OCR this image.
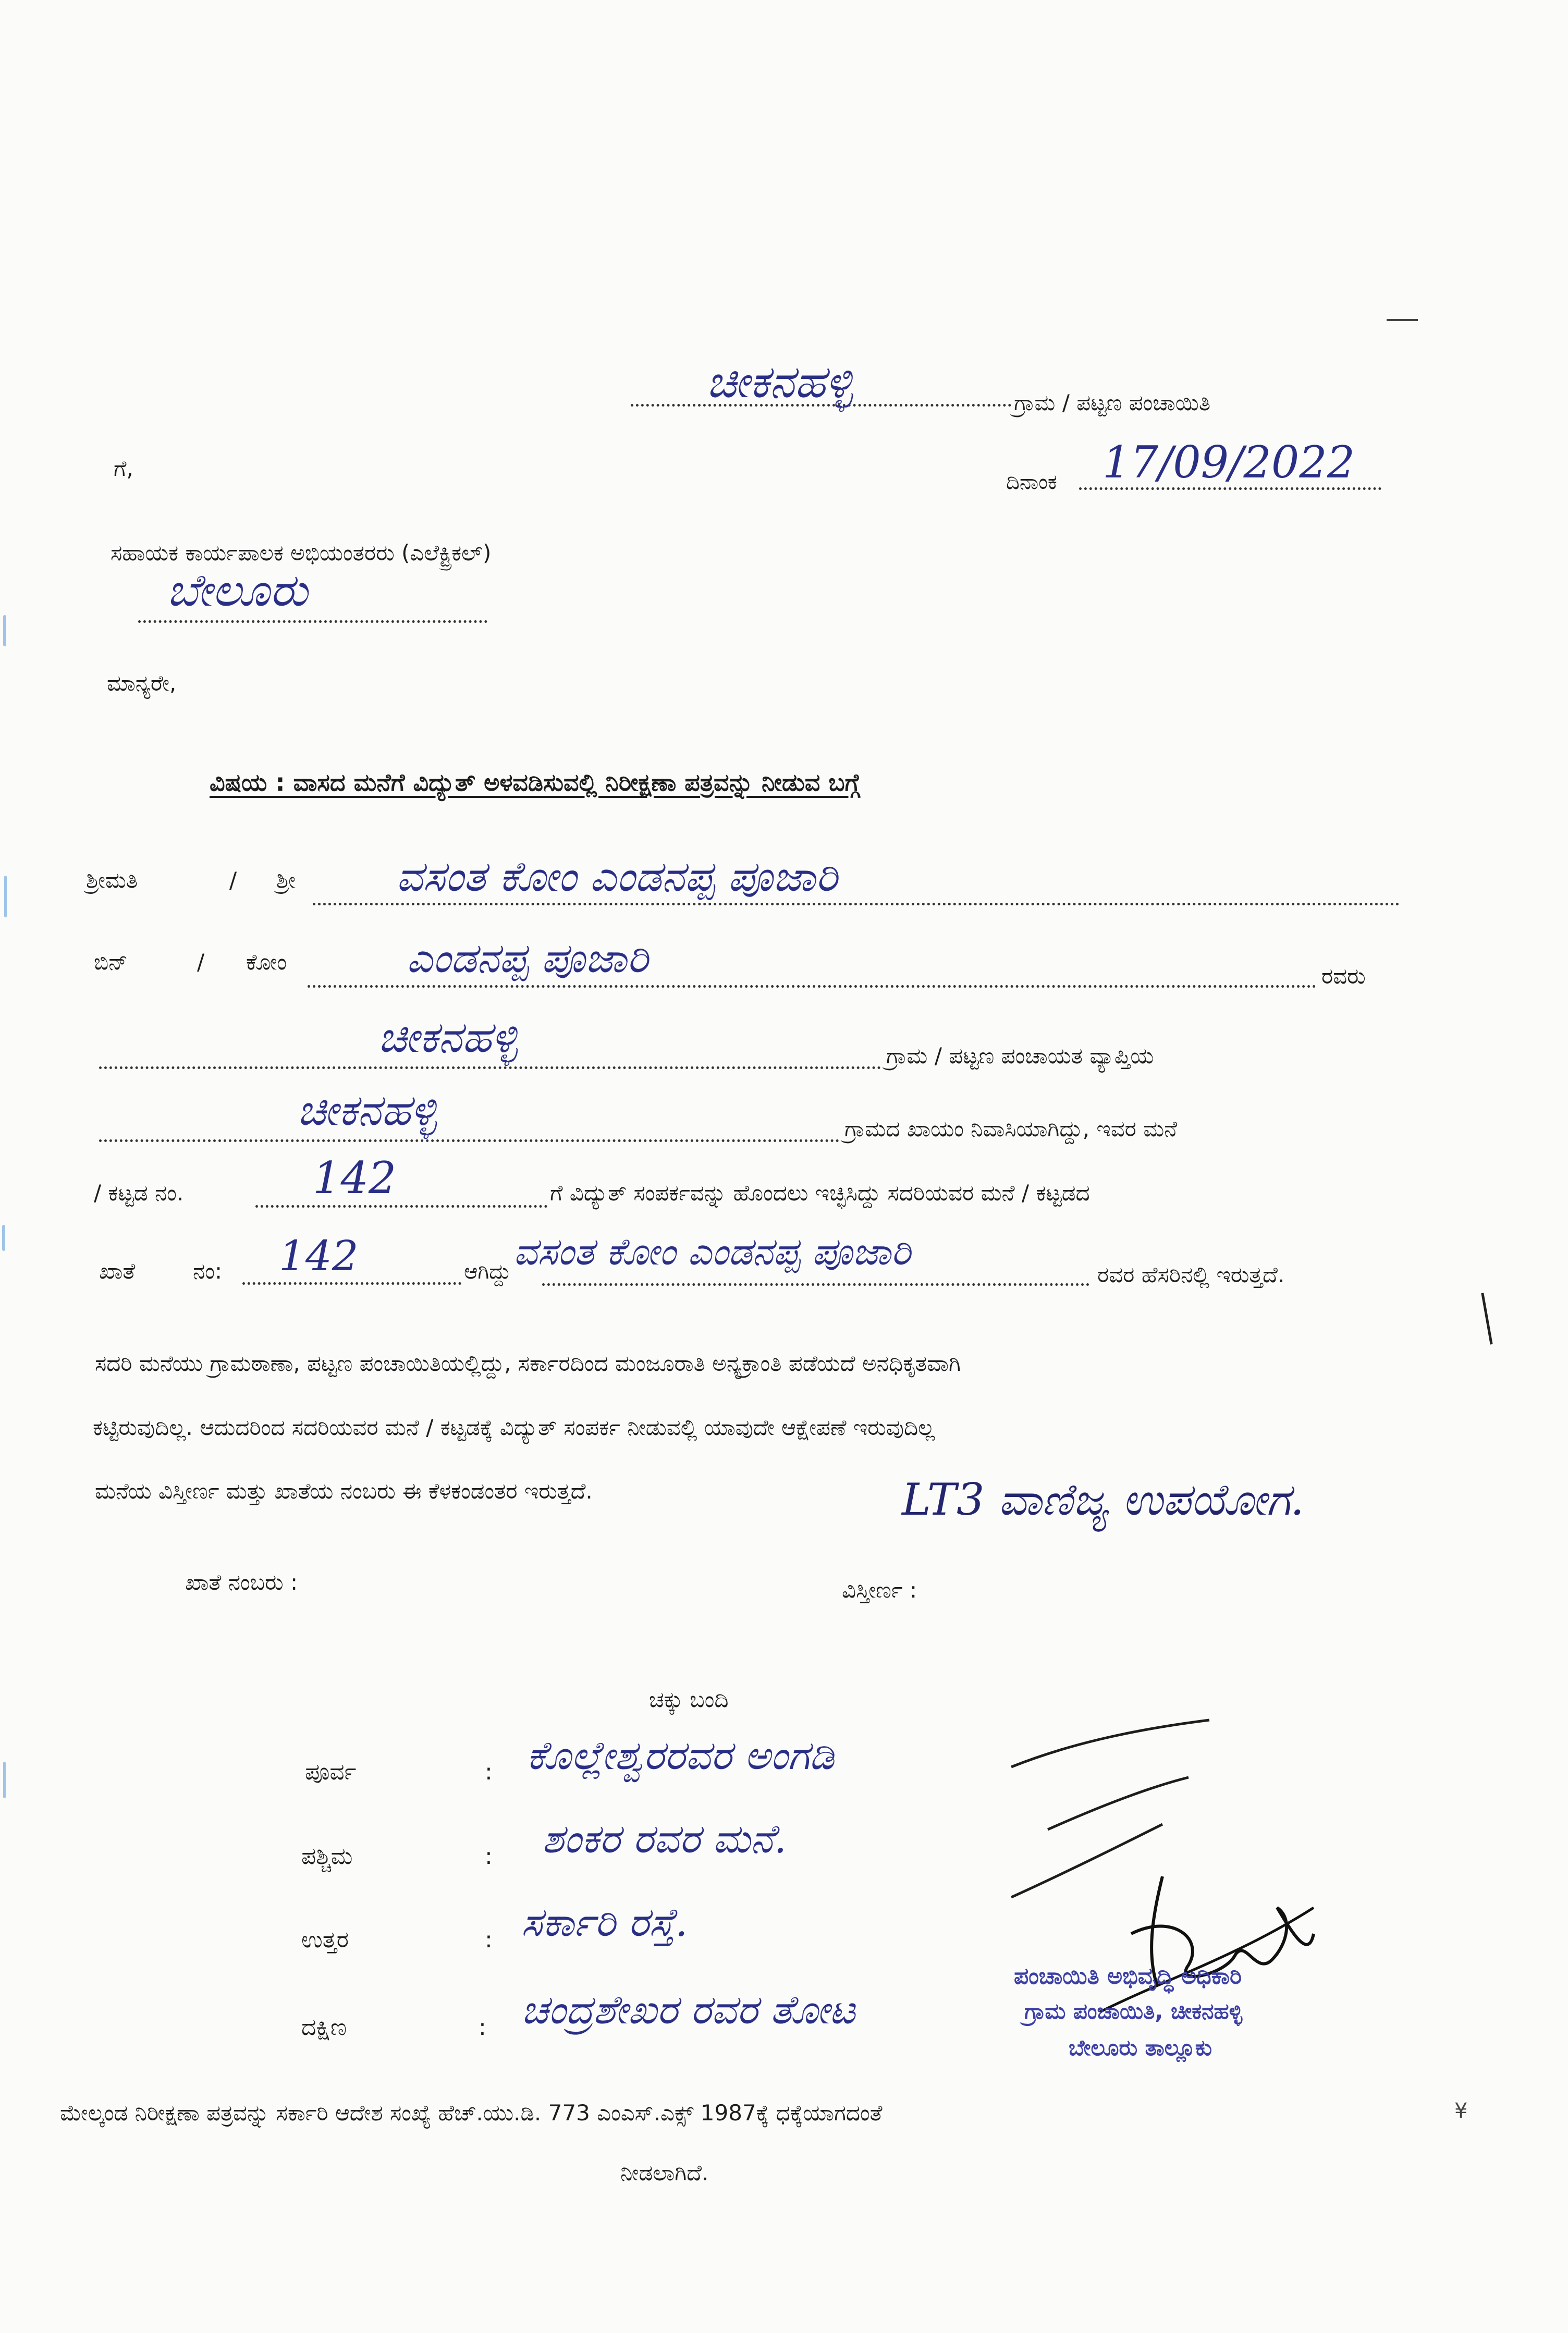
ಚೀಕನಹಳ್ಳಿ	ಗ್ರಾಮ / ಪಟ್ಟಣ ಪಂಚಾಯಿತಿ
ಗೆ,
ದಿನಾಂಕ 17/09/2022
ಸಹಾಯಕ ಕಾರ್ಯಪಾಲಕ ಅಭಿಯಂತರರು (ಎಲೆಕ್ಟ್ರಿಕಲ್)
ಬೇಲೂರು
ಮಾನ್ಯರೇ,
ವಿಷಯ : ವಾಸದ ಮನೆಗೆ ವಿದ್ಯುತ್ ಅಳವಡಿಸುವಲ್ಲಿ ನಿರೀಕ್ಷಣಾ ಪತ್ರವನ್ನು ನೀಡುವ ಬಗ್ಗೆ
ಶ್ರೀಮತಿ	/ ಶ್ರೀ ವಸಂತ ಕೋಂ ಎಂಡನಪ್ಪ ಪೂಜಾರಿ
ಬಿನ್	/ ಕೋಂ	ಎಂಡನಪ್ಪ ಪೂಜಾರಿ	ರವರು
ಚೀಕನಹಳ್ಳಿ	ಗ್ರಾಮ / ಪಟ್ಟಣ ಪಂಚಾಯತ ವ್ಯಾಪ್ತಿಯ
ಚೀಕನಹಳ್ಳಿ	ಗ್ರಾಮದ ಖಾಯಂ ನಿವಾಸಿಯಾಗಿದ್ದು, ಇವರ ಮನೆ
/ ಕಟ್ಟಡ ನಂ.	142	ಗೆ ವಿದ್ಯುತ್ ಸಂಪರ್ಕವನ್ನು ಹೊಂದಲು ಇಚ್ಛಿಸಿದ್ದು ಸದರಿಯವರ ಮನೆ / ಕಟ್ಟಡದ
ಖಾತೆ	ನಂ: 142	ಆಗಿದ್ದು ವಸಂತ ಕೋಂ ಎಂಡನಪ್ಪ ಪೂಜಾರಿ
ರವರ ಹೆಸರಿನಲ್ಲಿ ಇರುತ್ತದೆ.
ಸದರಿ ಮನೆಯು ಗ್ರಾಮಠಾಣಾ, ಪಟ್ಟಣ ಪಂಚಾಯಿತಿಯಲ್ಲಿದ್ದು, ಸರ್ಕಾರದಿಂದ ಮಂಜೂರಾತಿ ಅನ್ಯಕ್ರಾಂತಿ ಪಡೆಯದೆ ಅನಧಿಕೃತವಾಗಿ
ಕಟ್ಟಿರುವುದಿಲ್ಲ. ಆದುದರಿಂದ ಸದರಿಯವರ ಮನೆ / ಕಟ್ಟಡಕ್ಕೆ ವಿದ್ಯುತ್ ಸಂಪರ್ಕ ನೀಡುವಲ್ಲಿ ಯಾವುದೇ ಆಕ್ಷೇಪಣೆ ಇರುವುದಿಲ್ಲ
ಮನೆಯ ವಿಸ್ತೀರ್ಣ ಮತ್ತು ಖಾತೆಯ ನಂಬರು ಈ ಕೆಳಕಂಡಂತರ ಇರುತ್ತದೆ.	LT3 ವಾಣಿಜ್ಯ ಉಪಯೋಗ.
ಖಾತೆ ನಂಬರು :	ವಿಸ್ತೀರ್ಣ :
ಚಕ್ಕು ಬಂದಿ
ಪೂರ್ವ	: ಕೊಲ್ಲೇಶ್ವರರವರ ಅಂಗಡಿ
ಪಶ್ಚಿಮ	: ಶಂಕರ ರವರ ಮನೆ.
ಉತ್ತರ	: ಸರ್ಕಾರಿ ರಸ್ತೆ.
ದಕ್ಷಿಣ	: ಚಂದ್ರಶೇಖರ ರವರ ತೋಟ
ಪಂಚಾಯಿತಿ ಅಭಿವೃದ್ಧಿ ಅಧಿಕಾರಿ
ಗ್ರಾಮ ಪಂಚಾಯಿತಿ, ಚೀಕನಹಳ್ಳಿ
ಬೇಲೂರು ತಾಲ್ಲೂಕು
ಮೇಲ್ಕಂಡ ನಿರೀಕ್ಷಣಾ ಪತ್ರವನ್ನು ಸರ್ಕಾರಿ ಆದೇಶ ಸಂಖ್ಯೆ ಹೆಚ್.ಯು.ಡಿ. 773 ಎಂಎಸ್.ಎಕ್ಸ್ 1987ಕ್ಕೆ ಧಕ್ಕೆಯಾಗದಂತೆ
ನೀಡಲಾಗಿದೆ.
¥
